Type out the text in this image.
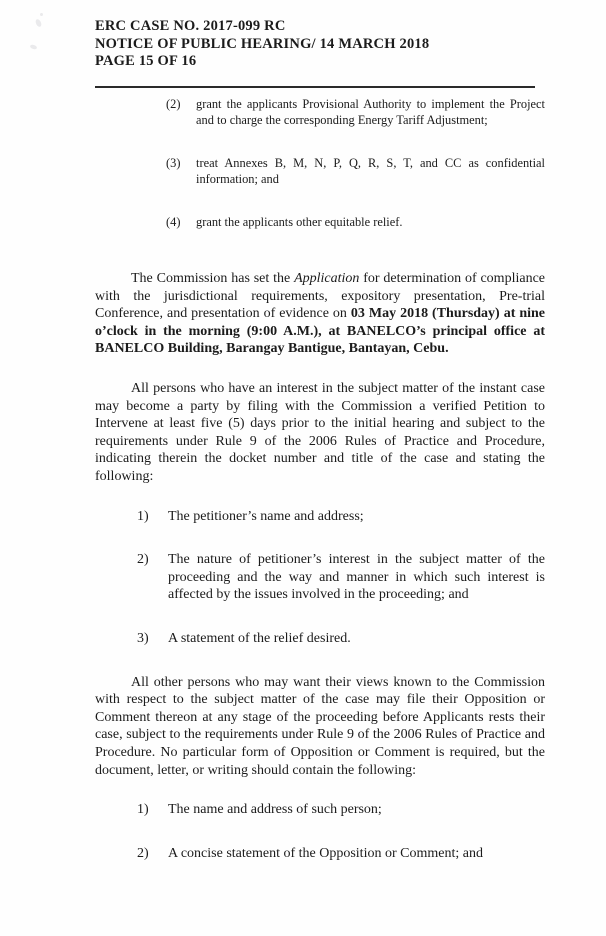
ERC CASE NO. 2017-099 RC
NOTICE OF PUBLIC HEARING/ 14 MARCH 2018
PAGE 15 OF 16
(2)	grant the applicants Provisional Authority to implement the Project and to charge the corresponding Energy Tariff Adjustment;
(3)	treat Annexes B, M, N, P, Q, R, S, T, and CC as confidential information; and
(4)	grant the applicants other equitable relief.

The Commission has set the Application for determination of compliance with the jurisdictional requirements, expository presentation, Pre-trial Conference, and presentation of evidence on 03 May 2018 (Thursday) at nine o’clock in the morning (9:00 A.M.), at BANELCO’s principal office at BANELCO Building, Barangay Bantigue, Bantayan, Cebu.

All persons who have an interest in the subject matter of the instant case may become a party by filing with the Commission a verified Petition to Intervene at least five (5) days prior to the initial hearing and subject to the requirements under Rule 9 of the 2006 Rules of Practice and Procedure, indicating therein the docket number and title of the case and stating the following:

1)	The petitioner’s name and address;
2)	The nature of petitioner’s interest in the subject matter of the proceeding and the way and manner in which such interest is affected by the issues involved in the proceeding; and
3)	A statement of the relief desired.

All other persons who may want their views known to the Commission with respect to the subject matter of the case may file their Opposition or Comment thereon at any stage of the proceeding before Applicants rests their case, subject to the requirements under Rule 9 of the 2006 Rules of Practice and Procedure. No particular form of Opposition or Comment is required, but the document, letter, or writing should contain the following:

1)	The name and address of such person;
2)	A concise statement of the Opposition or Comment; and
